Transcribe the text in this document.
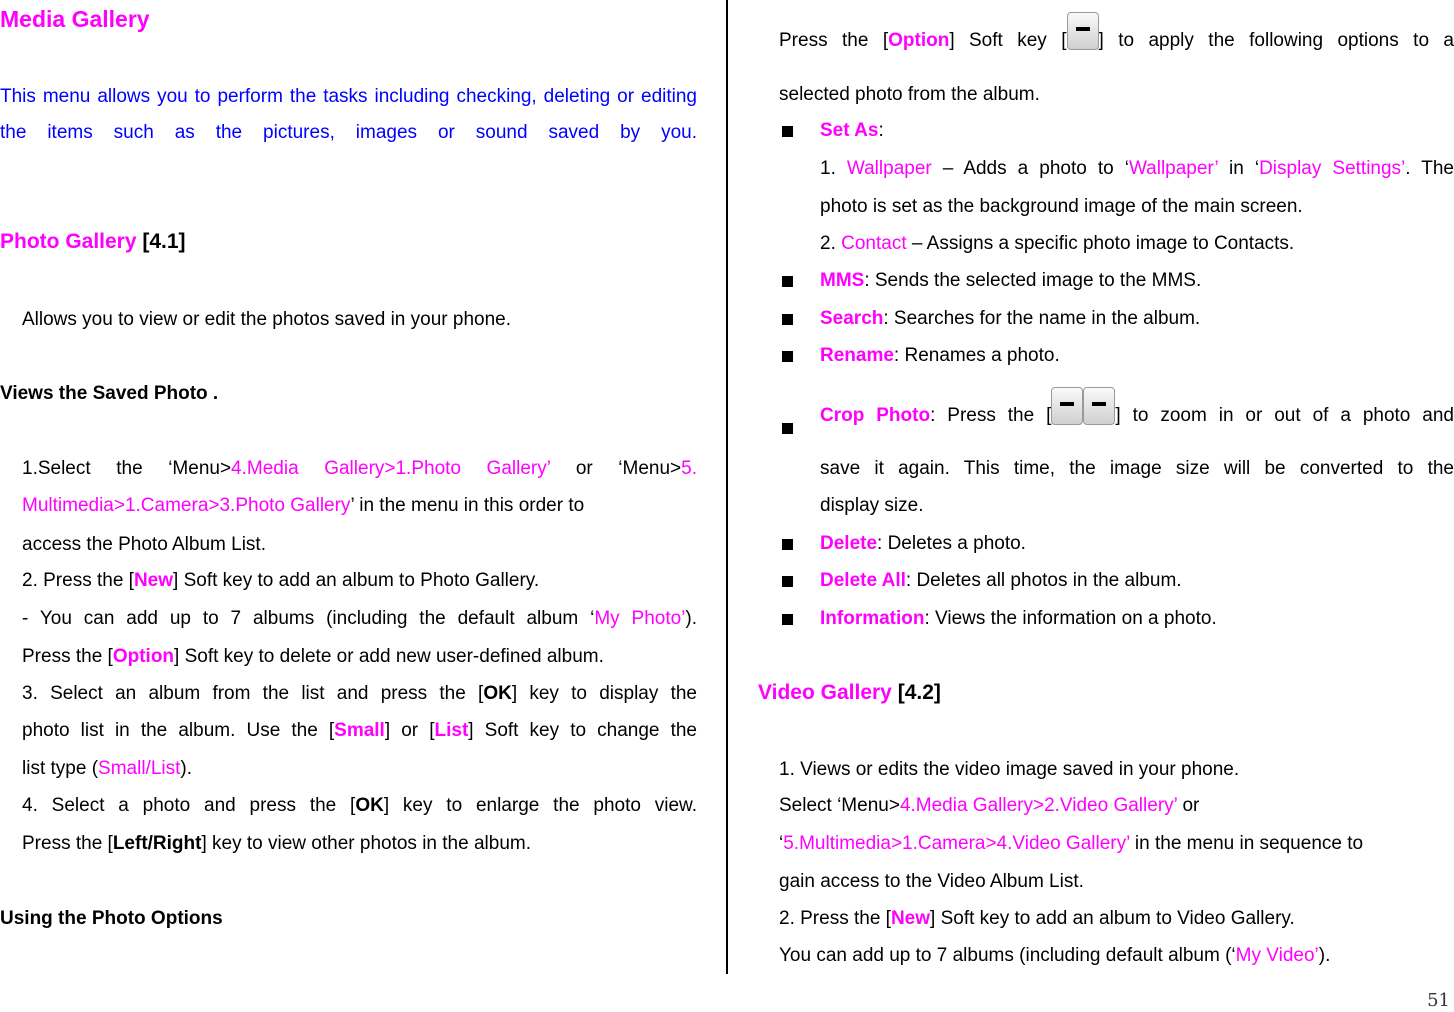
Media Gallery
This menu allows you to perform the tasks including checking, deleting or editing the items such as the pictures, images or sound saved by you.
Photo Gallery [4.1]
Allows you to view or edit the photos saved in your phone.
Views the Saved Photo .
1.Select the ‘Menu>4.Media Gallery>1.Photo Gallery’ or ‘Menu>5.
Multimedia>1.Camera>3.Photo Gallery’ in the menu in this order to
access the Photo Album List.
2. Press the [New] Soft key to add an album to Photo Gallery.
- You can add up to 7 albums (including the default album ‘My Photo’).
Press the [Option] Soft key to delete or add new user-defined album.
3. Select an album from the list and press the [OK] key to display the
photo list in the album. Use the [Small] or [List] Soft key to change the
list type (Small/List).
4. Select a photo and press the [OK] key to enlarge the photo view.
Press the [Left/Right] key to view other photos in the album.
Using the Photo Options
Press the [Option] Soft key [ ] to apply the following options to a
selected photo from the album.
Set As:
1. Wallpaper – Adds a photo to ‘Wallpaper’ in ‘Display Settings’. The
photo is set as the background image of the main screen.
2. Contact – Assigns a specific photo image to Contacts.
MMS: Sends the selected image to the MMS.
Search: Searches for the name in the album.
Rename: Renames a photo.
Crop Photo: Press the [	] to zoom in or out of a photo and
save it again. This time, the image size will be converted to the
display size.
Delete: Deletes a photo.
Delete All: Deletes all photos in the album.
Information: Views the information on a photo.
Video Gallery [4.2]
1. Views or edits the video image saved in your phone.
Select ‘Menu>4.Media Gallery>2.Video Gallery’ or
‘5.Multimedia>1.Camera>4.Video Gallery’ in the menu in sequence to
gain access to the Video Album List.
2. Press the [New] Soft key to add an album to Video Gallery.
You can add up to 7 albums (including default album (‘My Video’).
51
